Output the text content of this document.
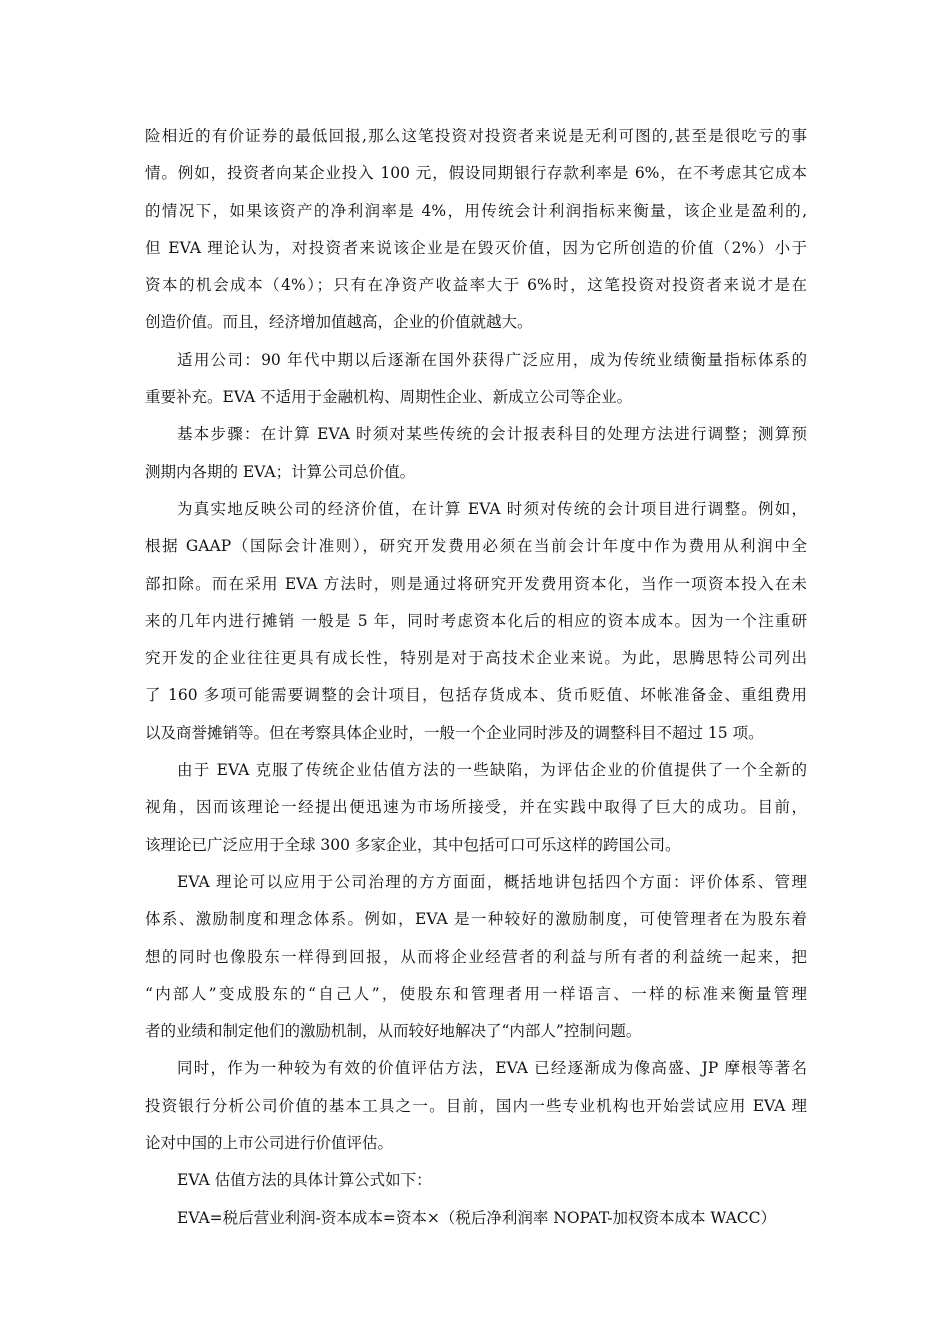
险相近的有价证券的最低回报,那么这笔投资对投资者来说是无利可图的,甚至是很吃亏的事
情。例如，投资者向某企业投入 100 元，假设同期银行存款利率是 6%，在不考虑其它成本
的情况下，如果该资产的净利润率是 4%，用传统会计利润指标来衡量，该企业是盈利的,
但 EVA 理论认为，对投资者来说该企业是在毁灭价值，因为它所创造的价值（2%）小于
资本的机会成本（4%）；只有在净资产收益率大于 6%时，这笔投资对投资者来说才是在
创造价值。而且，经济增加值越高，企业的价值就越大。
适用公司：90 年代中期以后逐渐在国外获得广泛应用，成为传统业绩衡量指标体系的
重要补充。EVA 不适用于金融机构、周期性企业、新成立公司等企业。
基本步骤：在计算 EVA 时须对某些传统的会计报表科目的处理方法进行调整；测算预
测期内各期的 EVA；计算公司总价值。
为真实地反映公司的经济价值，在计算 EVA 时须对传统的会计项目进行调整。例如，
根据 GAAP（国际会计准则），研究开发费用必须在当前会计年度中作为费用从利润中全
部扣除。而在采用 EVA 方法时，则是通过将研究开发费用资本化，当作一项资本投入在未
来的几年内进行摊销 一般是 5 年，同时考虑资本化后的相应的资本成本。因为一个注重研
究开发的企业往往更具有成长性，特别是对于高技术企业来说。为此，思腾思特公司列出
了 160 多项可能需要调整的会计项目，包括存货成本、货币贬值、坏帐准备金、重组费用
以及商誉摊销等。但在考察具体企业时，一般一个企业同时涉及的调整科目不超过 15 项。
由于 EVA 克服了传统企业估值方法的一些缺陷，为评估企业的价值提供了一个全新的
视角，因而该理论一经提出便迅速为市场所接受，并在实践中取得了巨大的成功。目前，
该理论已广泛应用于全球 300 多家企业，其中包括可口可乐这样的跨国公司。
EVA 理论可以应用于公司治理的方方面面，概括地讲包括四个方面：评价体系、管理
体系、激励制度和理念体系。例如，EVA 是一种较好的激励制度，可使管理者在为股东着
想的同时也像股东一样得到回报，从而将企业经营者的利益与所有者的利益统一起来，把
“内部人”变成股东的“自己人”，使股东和管理者用一样语言、一样的标准来衡量管理
者的业绩和制定他们的激励机制，从而较好地解决了“内部人”控制问题。
同时，作为一种较为有效的价值评估方法，EVA 已经逐渐成为像高盛、JP 摩根等著名
投资银行分析公司价值的基本工具之一。目前，国内一些专业机构也开始尝试应用 EVA 理
论对中国的上市公司进行价值评估。
EVA 估值方法的具体计算公式如下：
EVA=税后营业利润-资本成本=资本×（税后净利润率 NOPAT-加权资本成本 WACC）
